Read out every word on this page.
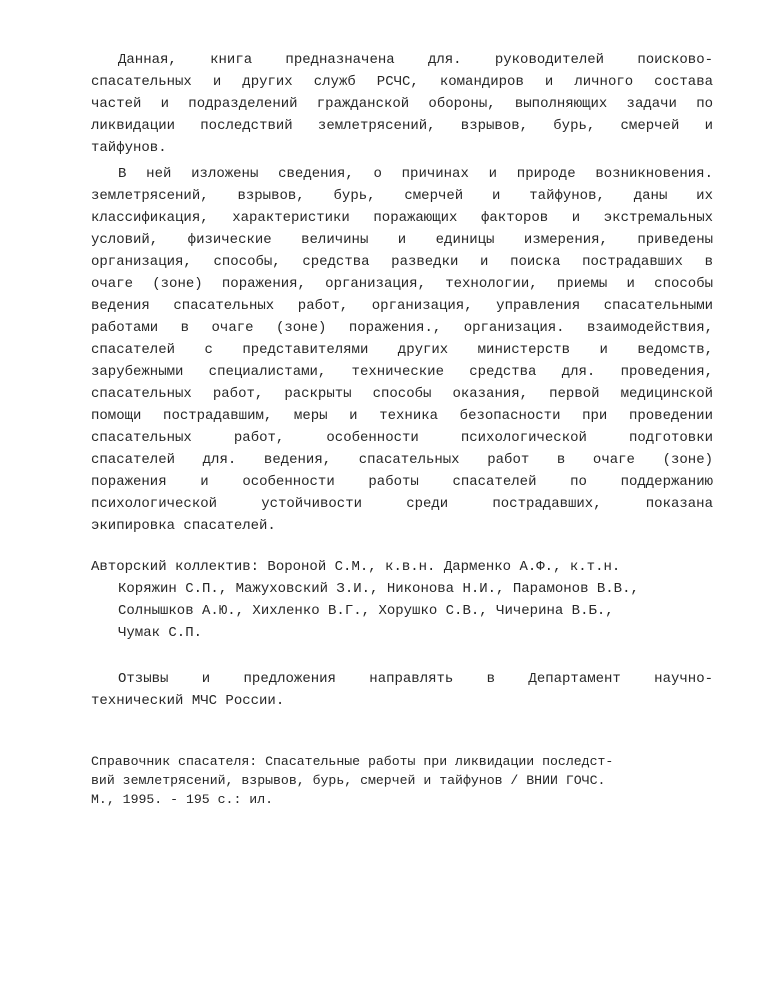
Данная, книга предназначена для. руководителей поисково-
спасательных и других служб РСЧС, командиров и личного состава
частей и подразделений гражданской обороны, выполняющих задачи по
ликвидации последствий землетрясений, взрывов, бурь, смерчей и
тайфунов.
В ней изложены сведения, о причинах и природе возникновения.
землетрясений, взрывов, бурь, смерчей и тайфунов, даны их
классификация, характеристики поражающих факторов и экстремальных
условий, физические величины и единицы измерения, приведены
организация, способы, средства разведки и поиска пострадавших в
очаге (зоне) поражения, организация, технологии, приемы и способы
ведения спасательных работ, организация, управления спасательными
работами в очаге (зоне) поражения., организация. взаимодействия,
спасателей с представителями других министерств и ведомств,
зарубежными специалистами, технические средства для. проведения,
спасательных работ, раскрыты способы оказания, первой медицинской
помощи пострадавшим, меры и техника безопасности при проведении
спасательных работ, особенности психологической подготовки
спасателей для. ведения, спасательных работ в очаге (зоне)
поражения и особенности работы спасателей по поддержанию
психологической устойчивости среди пострадавших, показана
экипировка спасателей.
Авторский коллектив: Вороной С.М., к.в.н. Дарменко А.Ф., к.т.н.
Коряжин С.П., Мажуховский З.И., Никонова Н.И., Парамонов В.В.,
Солнышков А.Ю., Хихленко В.Г., Хорушко С.В., Чичерина В.Б.,
Чумак С.П.
Отзывы и предложения направлять в Департамент научно-
технический МЧС России.
Справочник спасателя: Спасательные работы при ликвидации последст-
вий землетрясений, взрывов, бурь, смерчей и тайфунов / ВНИИ ГОЧС.
М., 1995. - 195 с.: ил.
